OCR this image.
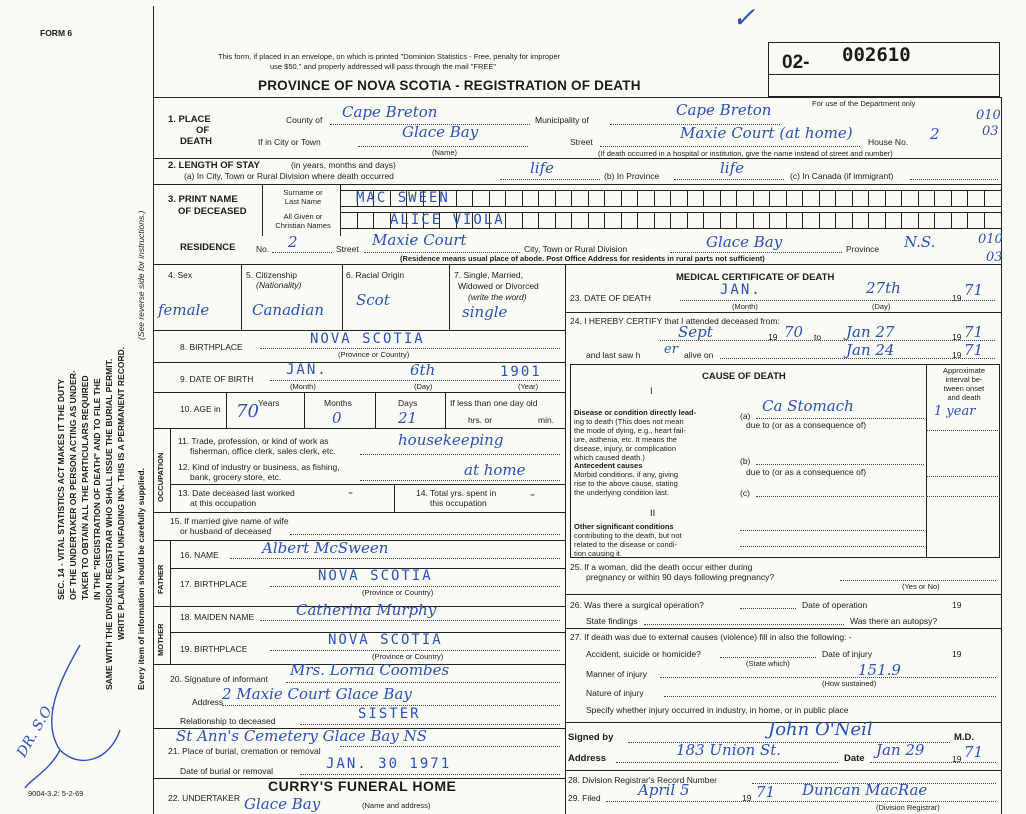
FORM 6
This form, if placed in an envelope, on which is printed "Dominion Statistics - Free, penalty for improper
use $50," and properly addressed will pass through the mail "FREE"
PROVINCE OF NOVA SCOTIA - REGISTRATION OF DEATH
02- 002610
✓
For use of the Department only
SEC. 14 - VITAL STATISTICS ACT MAKES IT THE DUTY OF THE UNDERTAKER OR PERSON ACTING AS UNDER- TAKER TO OBTAIN ALL THE PARTICULARS REQUIRED IN THE "REGISTRATION OF DEATH" AND TO FILE THE SAME WITH THE DIVISION REGISTRAR WHO SHALL ISSUE THE BURIAL PERMIT. WRITE PLAINLY WITH UNFADING INK. THIS IS A PERMANENT RECORD.
(See reverse side for instructions.)
Every item of information should be carefully supplied.
9004-3.2: 5-2-69
DR. S.O.
1. PLACE
OF
DEATH
County of Cape Breton	Municipality of
Cape Breton	010
If in City or Town
Glace Bay
(Name)
Street	Maxie Court (at home) House No. 2	03
(If death occurred in a hospital or institution, give the name instead of street and number)
2. LENGTH OF STAY	(in years, months and days)
(a) In City, Town or Rural Division where death occurred	life	(b) In Province	life	(c) In Canada (if immigrant)
3. PRINT NAME
OF DECEASED
Surname or
Last Name
All Given or
Christian Names
MAC SWEEN
ALICE VIOLA
RESIDENCE No. 2	Street Maxie Court	City, Town or Rural Division	Glace Bay	Province N.S.	010
03
(Residence means usual place of abode. Post Office Address for residents in rural parts not sufficient)
4. Sex
female
5. Citizenship
(Nationality)
Canadian
6. Racial Origin
Scot
7. Single, Married,
Widowed or Divorced
(write the word)
single
8. BIRTHPLACE	NOVA SCOTIA
(Province or Country)
9. DATE OF BIRTH
JAN.	6th	1901
(Month)	(Day)	(Year)
10. AGE in
Years	Months	Days
70	0	21
If less than one day old
hrs. or	min.
OCCUPATION
11. Trade, profession, or kind of work as
fisherman, office clerk, sales clerk, etc.
housekeeping
12. Kind of industry or business, as fishing,
bank, grocery store, etc.	at home
13. Date deceased last worked
at this occupation
-	14. Total yrs. spent in
this occupation	-
15. If married give name of wife
or husband of deceased
FATHER
16. NAME	Albert McSween
17. BIRTHPLACE	NOVA SCOTIA
(Province or Country)
MOTHER
18. MAIDEN NAME	Catherina Murphy
19. BIRTHPLACE
NOVA SCOTIA
(Province or Country)
20. Signature of informant Mrs. Lorna Coombes
Address
2 Maxie Court Glace Bay
Relationship to deceased	SISTER
St Ann's Cemetery Glace Bay NS
21. Place of burial, cremation or removal
Date of burial or removal	JAN. 30 1971
22. UNDERTAKER
CURRY'S FUNERAL HOME
Glace Bay	(Name and address)
MEDICAL CERTIFICATE OF DEATH
23. DATE OF DEATH	JAN.	27th
19 71
(Month)	(Day)
24. I HEREBY CERTIFY that I attended deceased from:
Sept	19 70 to Jan 27	19 71
and last saw h er alive on	Jan 24	19 71
CAUSE OF DEATH
Approximate
interval be-
tween onset
and death
I
Disease or condition directly lead-
ing to death (This does not mean
the mode of dying, e.g., heart fail-
ure, asthenia, etc. It means the
disease, injury, or complication
which caused death.)
(a)
Ca Stomach	1 year
due to (or as a consequence of)
Antecedent causes
Morbid conditions, if any, giving
rise to the above cause, stating
the underlying condition last.
(b)
due to (or as a consequence of)
(c)
II
Other significant conditions
contributing to the death, but not
related to the disease or condi-
tion causing it.
25. If a woman, did the death occur either during
pregnancy or within 90 days following pregnancy?
(Yes or No)
26. Was there a surgical operation?	Date of operation	19
State findings	Was there an autopsy?
27. If death was due to external causes (violence) fill in also the following: -
Accident, suicide or homicide?
(State which)
Date of injury	19
Manner of injury	151.9
(How sustained)
Nature of injury
Specify whether injury occurred in industry, in home, or in public place
Signed by	John O'Neil	M.D.
Address	183 Union St.	Date Jan 29	19 71
28. Division Registrar's Record Number
29. Filed April 5	19 71 Duncan MacRae
(Division Registrar)
